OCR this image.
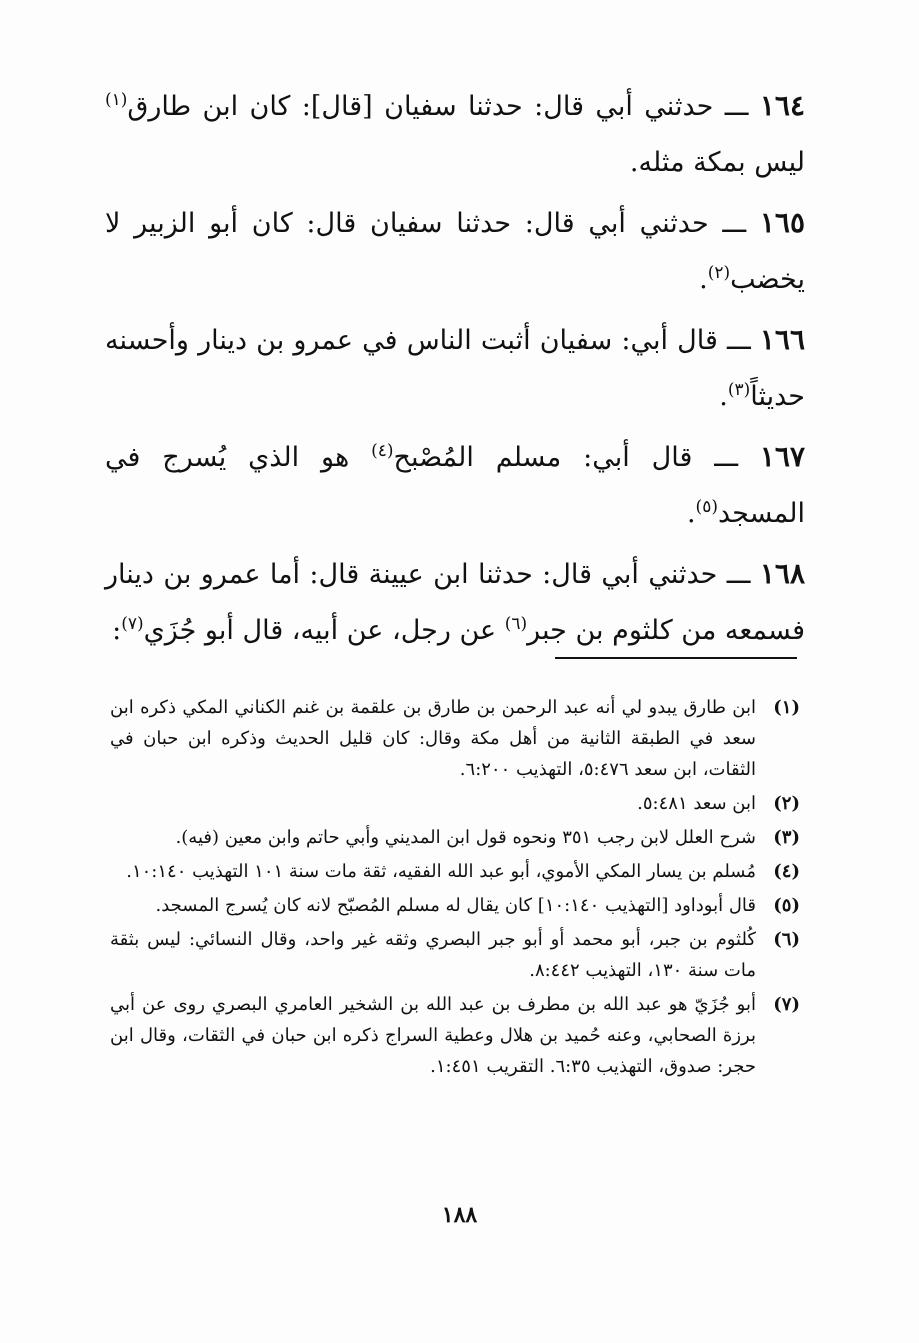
١٦٤ ـــ حدثني أبي قال: حدثنا سفيان [قال]: كان ابن طارق$^{(١)}$ ليس بمكة مثله.

١٦٥ ـــ حدثني أبي قال: حدثنا سفيان قال: كان أبو الزبير لا يخضب$^{(٢)}$.

١٦٦ ـــ قال أبي: سفيان أثبت الناس في عمرو بن دينار وأحسنه حديثاً$^{(٣)}$.

١٦٧ ـــ قال أبي: مسلم المُصْبح$^{(٤)}$ هو الذي يُسرج في المسجد$^{(٥)}$.

١٦٨ ـــ حدثني أبي قال: حدثنا ابن عيينة قال: أما عمرو بن دينار فسمعه من كلثوم بن جبر$^{(٦)}$ عن رجل، عن أبيه، قال أبو جُزَي$^{(٧)}$:

(١)
ابن طارق يبدو لي أنه عبد الرحمن بن طارق بن علقمة بن غنم الكناني المكي ذكره ابن سعد في الطبقة الثانية من أهل مكة وقال: كان قليل الحديث وذكره ابن حبان في الثقات، ابن سعد ٥:٤٧٦، التهذيب ٦:٢٠٠.
(٢)
ابن سعد ٥:٤٨١.
(٣)
شرح العلل لابن رجب ٣٥١ ونحوه قول ابن المديني وأبي حاتم وابن معين (فيه).
(٤)
مُسلم بن يسار المكي الأموي، أبو عبد الله الفقيه، ثقة مات سنة ١٠١ التهذيب ١٠:١٤٠.
(٥)
قال أبوداود [التهذيب ١٠:١٤٠] كان يقال له مسلم المُصبّح لانه كان يُسرج المسجد.
(٦)
كُلثوم بن جبر، أبو محمد أو أبو جبر البصري وثقه غير واحد، وقال النسائي: ليس بثقة مات سنة ١٣٠، التهذيب ٨:٤٤٢.
(٧)
أبو جُزَيّ هو عبد الله بن مطرف بن عبد الله بن الشخير العامري البصري روى عن أبي برزة الصحابي، وعنه حُميد بن هلال وعطية السراج ذكره ابن حبان في الثقات، وقال ابن حجر: صدوق، التهذيب ٦:٣٥. التقريب ١:٤٥١.
١٨٨
